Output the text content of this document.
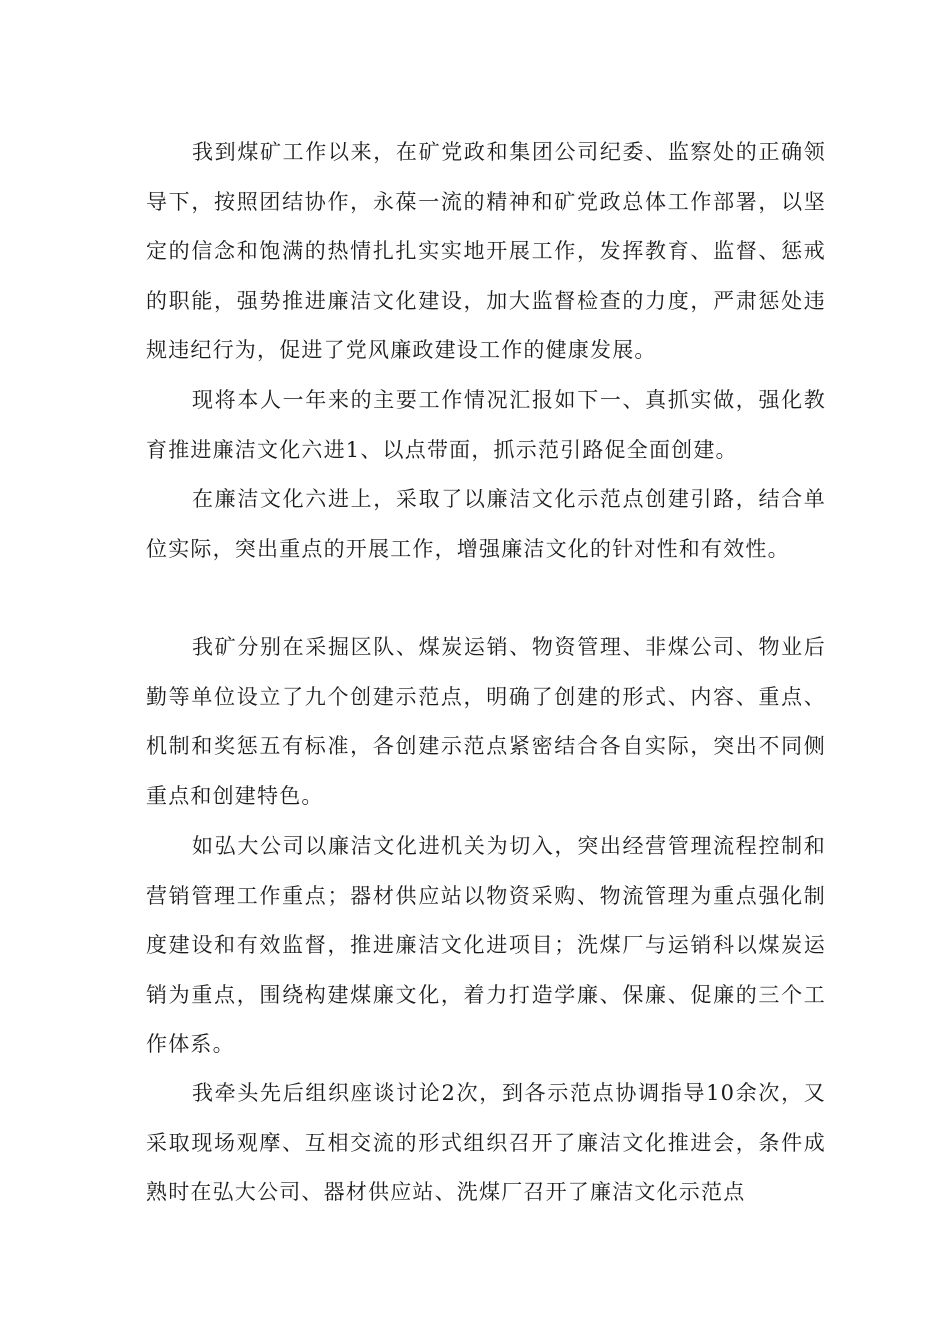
我到煤矿工作以来，在矿党政和集团公司纪委、监察处的正确领导下，按照团结协作，永葆一流的精神和矿党政总体工作部署，以坚定的信念和饱满的热情扎扎实实地开展工作，发挥教育、监督、惩戒的职能，强势推进廉洁文化建设，加大监督检查的力度，严肃惩处违规违纪行为，促进了党风廉政建设工作的健康发展。

现将本人一年来的主要工作情况汇报如下一、真抓实做，强化教育推进廉洁文化六进1、以点带面，抓示范引路促全面创建。

在廉洁文化六进上，采取了以廉洁文化示范点创建引路，结合单位实际，突出重点的开展工作，增强廉洁文化的针对性和有效性。

我矿分别在采掘区队、煤炭运销、物资管理、非煤公司、物业后勤等单位设立了九个创建示范点，明确了创建的形式、内容、重点、机制和奖惩五有标准，各创建示范点紧密结合各自实际，突出不同侧重点和创建特色。

如弘大公司以廉洁文化进机关为切入，突出经营管理流程控制和营销管理工作重点；器材供应站以物资采购、物流管理为重点强化制度建设和有效监督，推进廉洁文化进项目；洗煤厂与运销科以煤炭运销为重点，围绕构建煤廉文化，着力打造学廉、保廉、促廉的三个工作体系。

我牵头先后组织座谈讨论2次，到各示范点协调指导10余次，又采取现场观摩、互相交流的形式组织召开了廉洁文化推进会，条件成熟时在弘大公司、器材供应站、洗煤厂召开了廉洁文化示范点
